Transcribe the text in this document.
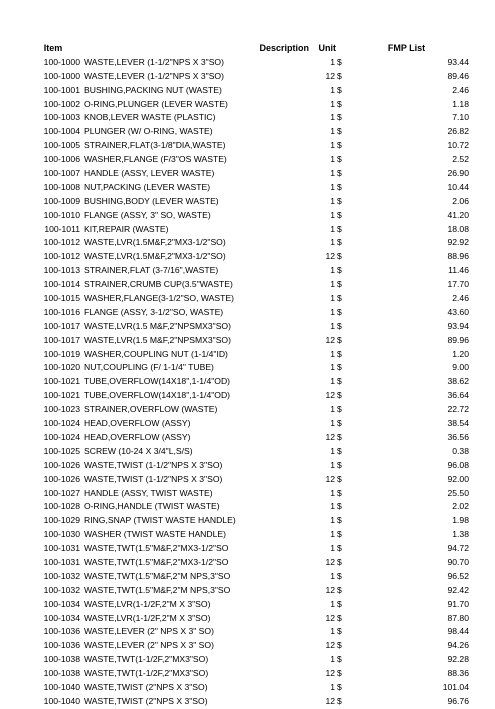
Item	Description	Unit	FMP List
100-1000 WASTE,LEVER (1-1/2"NPS X 3"SO)	1 $	93.44
100-1000 WASTE,LEVER (1-1/2"NPS X 3"SO)	12 $	89.46
100-1001 BUSHING,PACKING NUT (WASTE)	1 $	2.46
100-1002 O-RING,PLUNGER (LEVER WASTE)	1 $	1.18
100-1003 KNOB,LEVER WASTE (PLASTIC)	1 $	7.10
100-1004 PLUNGER (W/ O-RING, WASTE)	1 $	26.82
100-1005 STRAINER,FLAT(3-1/8"DIA,WASTE)	1 $	10.72
100-1006 WASHER,FLANGE (F/3"OS WASTE)	1 $	2.52
100-1007 HANDLE (ASSY, LEVER WASTE)	1 $	26.90
100-1008 NUT,PACKING (LEVER WASTE)	1 $	10.44
100-1009 BUSHING,BODY (LEVER WASTE)	1 $	2.06
100-1010 FLANGE (ASSY, 3" SO, WASTE)	1 $	41.20
100-1011 KIT,REPAIR (WASTE)	1 $	18.08
100-1012 WASTE,LVR(1.5M&F,2"MX3-1/2"SO)	1 $	92.92
100-1012 WASTE,LVR(1.5M&F,2"MX3-1/2"SO)	12 $	88.96
100-1013 STRAINER,FLAT (3-7/16",WASTE)	1 $	11.46
100-1014 STRAINER,CRUMB CUP(3.5"WASTE)	1 $	17.70
100-1015 WASHER,FLANGE(3-1/2"SO, WASTE)	1 $	2.46
100-1016 FLANGE (ASSY, 3-1/2"SO, WASTE)	1 $	43.60
100-1017 WASTE,LVR(1.5 M&F,2"NPSMX3"SO)	1 $	93.94
100-1017 WASTE,LVR(1.5 M&F,2"NPSMX3"SO)	12 $	89.96
100-1019 WASHER,COUPLING NUT (1-1/4"ID)	1 $	1.20
100-1020 NUT,COUPLING (F/ 1-1/4" TUBE)	1 $	9.00
100-1021 TUBE,OVERFLOW(14X18",1-1/4"OD)	1 $	38.62
100-1021 TUBE,OVERFLOW(14X18",1-1/4"OD)	12 $	36.64
100-1023 STRAINER,OVERFLOW (WASTE)	1 $	22.72
100-1024 HEAD,OVERFLOW (ASSY)	1 $	38.54
100-1024 HEAD,OVERFLOW (ASSY)	12 $	36.56
100-1025 SCREW (10-24 X 3/4"L,S/S)	1 $	0.38
100-1026 WASTE,TWIST (1-1/2"NPS X 3"SO)	1 $	96.08
100-1026 WASTE,TWIST (1-1/2"NPS X 3"SO)	12 $	92.00
100-1027 HANDLE (ASSY, TWIST WASTE)	1 $	25.50
100-1028 O-RING,HANDLE (TWIST WASTE)	1 $	2.02
100-1029 RING,SNAP (TWIST WASTE HANDLE)	1 $	1.98
100-1030 WASHER (TWIST WASTE HANDLE)	1 $	1.38
100-1031 WASTE,TWT(1.5"M&F,2"MX3-1/2"SO	1 $	94.72
100-1031 WASTE,TWT(1.5"M&F,2"MX3-1/2"SO	12 $	90.70
100-1032 WASTE,TWT(1.5"M&F,2"M NPS,3"SO	1 $	96.52
100-1032 WASTE,TWT(1.5"M&F,2"M NPS,3"SO	12 $	92.42
100-1034 WASTE,LVR(1-1/2F,2"M X 3"SO)	1 $	91.70
100-1034 WASTE,LVR(1-1/2F,2"M X 3"SO)	12 $	87.80
100-1036 WASTE,LEVER (2" NPS X 3" SO)	1 $	98.44
100-1036 WASTE,LEVER (2" NPS X 3" SO)	12 $	94.26
100-1038 WASTE,TWT(1-1/2F,2"MX3"SO)	1 $	92.28
100-1038 WASTE,TWT(1-1/2F,2"MX3"SO)	12 $	88.36
100-1040 WASTE,TWIST (2"NPS X 3"SO)	1 $	101.04
100-1040 WASTE,TWIST (2"NPS X 3"SO)	12 $	96.76
